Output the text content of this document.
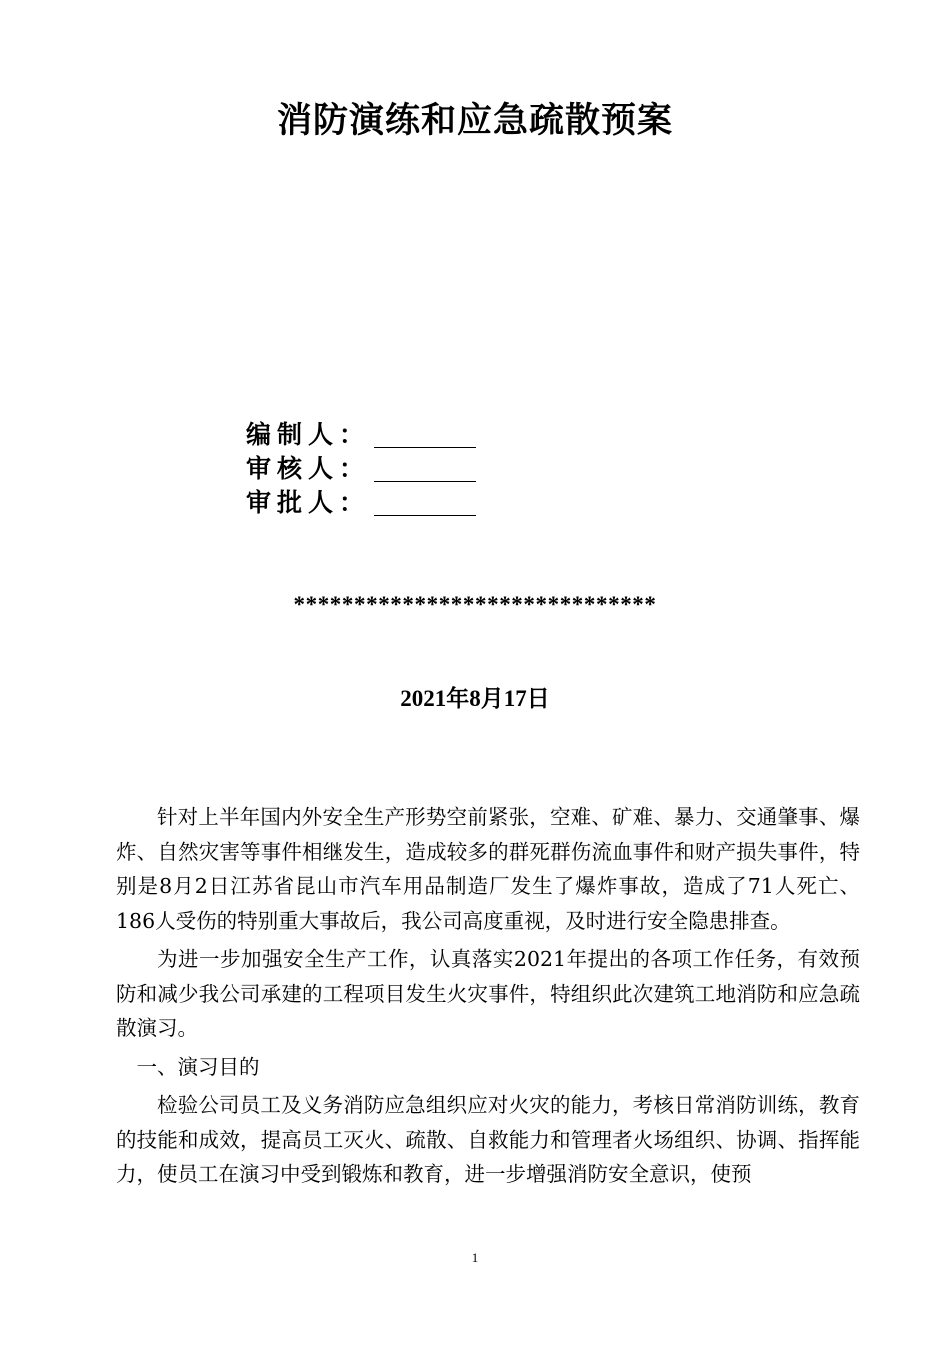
消防演练和应急疏散预案
编制人：
审核人：
审批人：
******************************
2021年8月17日

针对上半年国内外安全生产形势空前紧张，空难、矿难、暴力、交通肇事、爆炸、自然灾害等事件相继发生，造成较多的群死群伤流血事件和财产损失事件，特别是8月2日江苏省昆山市汽车用品制造厂发生了爆炸事故，造成了71人死亡、186人受伤的特别重大事故后，我公司高度重视，及时进行安全隐患排查。

为进一步加强安全生产工作，认真落实2021年提出的各项工作任务，有效预防和减少我公司承建的工程项目发生火灾事件，特组织此次建筑工地消防和应急疏散演习。

一、演习目的

检验公司员工及义务消防应急组织应对火灾的能力，考核日常消防训练，教育的技能和成效，提高员工灭火、疏散、自救能力和管理者火场组织、协调、指挥能力，使员工在演习中受到锻炼和教育，进一步增强消防安全意识，使预

1
